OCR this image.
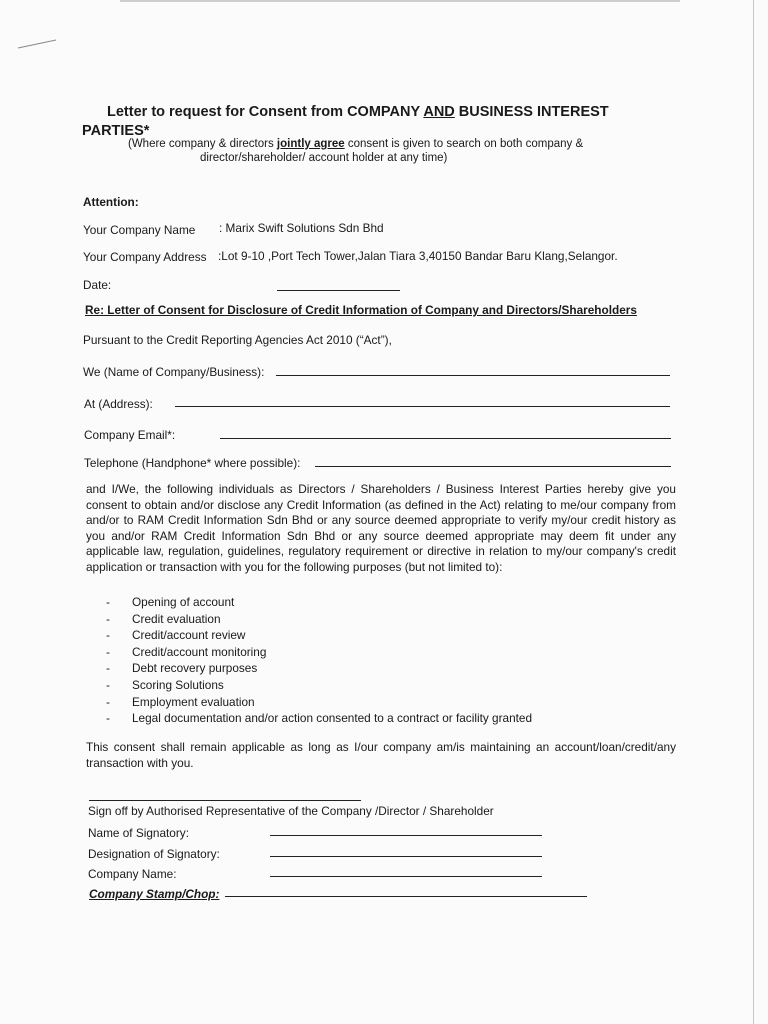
Letter to request for Consent from COMPANY AND BUSINESS INTEREST
PARTIES*
(Where company & directors jointly agree consent is given to search on both company &
director/shareholder/ account holder at any time)
Attention:
Your Company Name : Marix Swift Solutions Sdn Bhd
Your Company Address :Lot 9-10 ,Port Tech Tower,Jalan Tiara 3,40150 Bandar Baru Klang,Selangor.
Date:
Re: Letter of Consent for Disclosure of Credit Information of Company and Directors/Shareholders
Pursuant to the Credit Reporting Agencies Act 2010 (“Act”),
We (Name of Company/Business):
At (Address):
Company Email*:
Telephone (Handphone* where possible):
and I/We, the following individuals as Directors / Shareholders / Business Interest Parties hereby give you consent to obtain and/or disclose any Credit Information (as defined in the Act) relating to me/our company from and/or to RAM Credit Information Sdn Bhd or any source deemed appropriate to verify my/our credit history as you and/or RAM Credit Information Sdn Bhd or any source deemed appropriate may deem fit under any applicable law, regulation, guidelines, regulatory requirement or directive in relation to my/our company's credit application or transaction with you for the following purposes (but not limited to):
- Opening of account
- Credit evaluation
- Credit/account review
- Credit/account monitoring
- Debt recovery purposes
- Scoring Solutions
- Employment evaluation
- Legal documentation and/or action consented to a contract or facility granted
This consent shall remain applicable as long as I/our company am/is maintaining an account/loan/credit/any transaction with you.
Sign off by Authorised Representative of the Company /Director / Shareholder
Name of Signatory:
Designation of Signatory:
Company Name:
Company Stamp/Chop:
